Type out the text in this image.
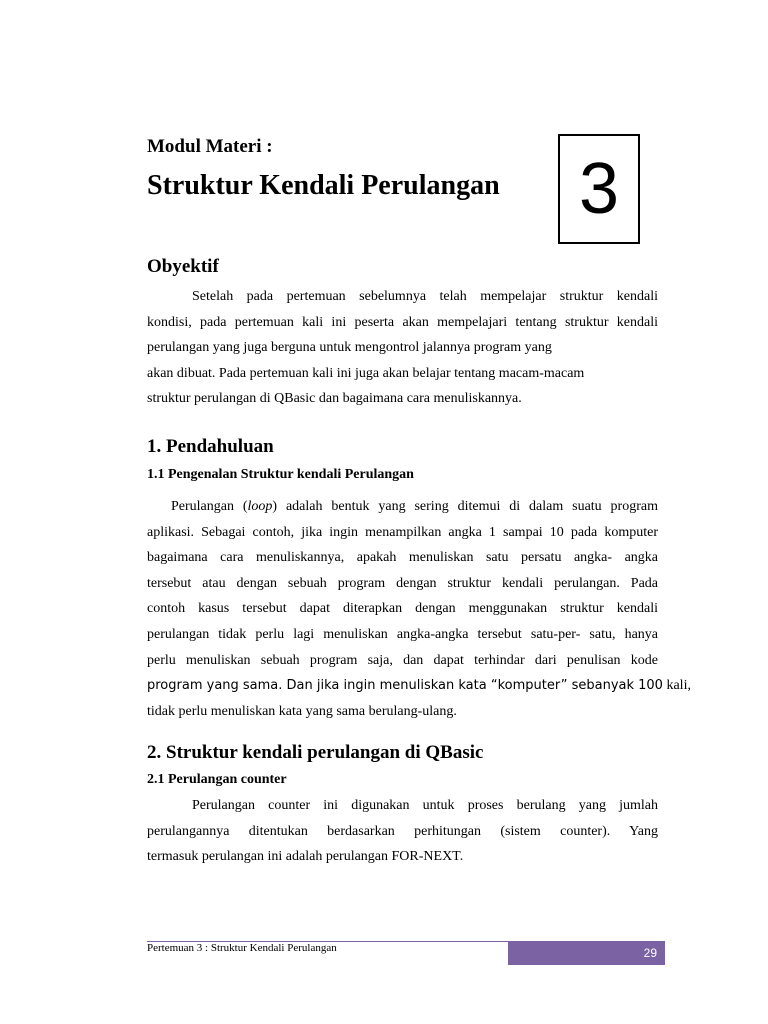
Modul Materi :
Struktur Kendali Perulangan 3
Obyektif
Setelah pada pertemuan sebelumnya telah mempelajar struktur kendali
kondisi, pada pertemuan kali ini peserta akan mempelajari tentang struktur kendali
perulangan yang juga berguna untuk mengontrol jalannya program yang
akan dibuat. Pada pertemuan kali ini juga akan belajar tentang macam-macam
struktur perulangan di QBasic dan bagaimana cara menuliskannya.
1. Pendahuluan
1.1 Pengenalan Struktur kendali Perulangan
Perulangan (loop) adalah bentuk yang sering ditemui di dalam suatu program
aplikasi. Sebagai contoh, jika ingin menampilkan angka 1 sampai 10 pada komputer
bagaimana cara menuliskannya, apakah menuliskan satu persatu angka- angka
tersebut atau dengan sebuah program dengan struktur kendali perulangan. Pada
contoh kasus tersebut dapat diterapkan dengan menggunakan struktur kendali
perulangan tidak perlu lagi menuliskan angka-angka tersebut satu-per- satu, hanya
perlu menuliskan sebuah program saja, dan dapat terhindar dari penulisan kode
program yang sama. Dan jika ingin menuliskan kata “komputer” sebanyak 100 kali,
tidak perlu menuliskan kata yang sama berulang-ulang.
2. Struktur kendali perulangan di QBasic
2.1 Perulangan counter
Perulangan counter ini digunakan untuk proses berulang yang jumlah
perulangannya ditentukan berdasarkan perhitungan (sistem counter). Yang
termasuk perulangan ini adalah perulangan FOR-NEXT.
Pertemuan 3 : Struktur Kendali Perulangan	29
